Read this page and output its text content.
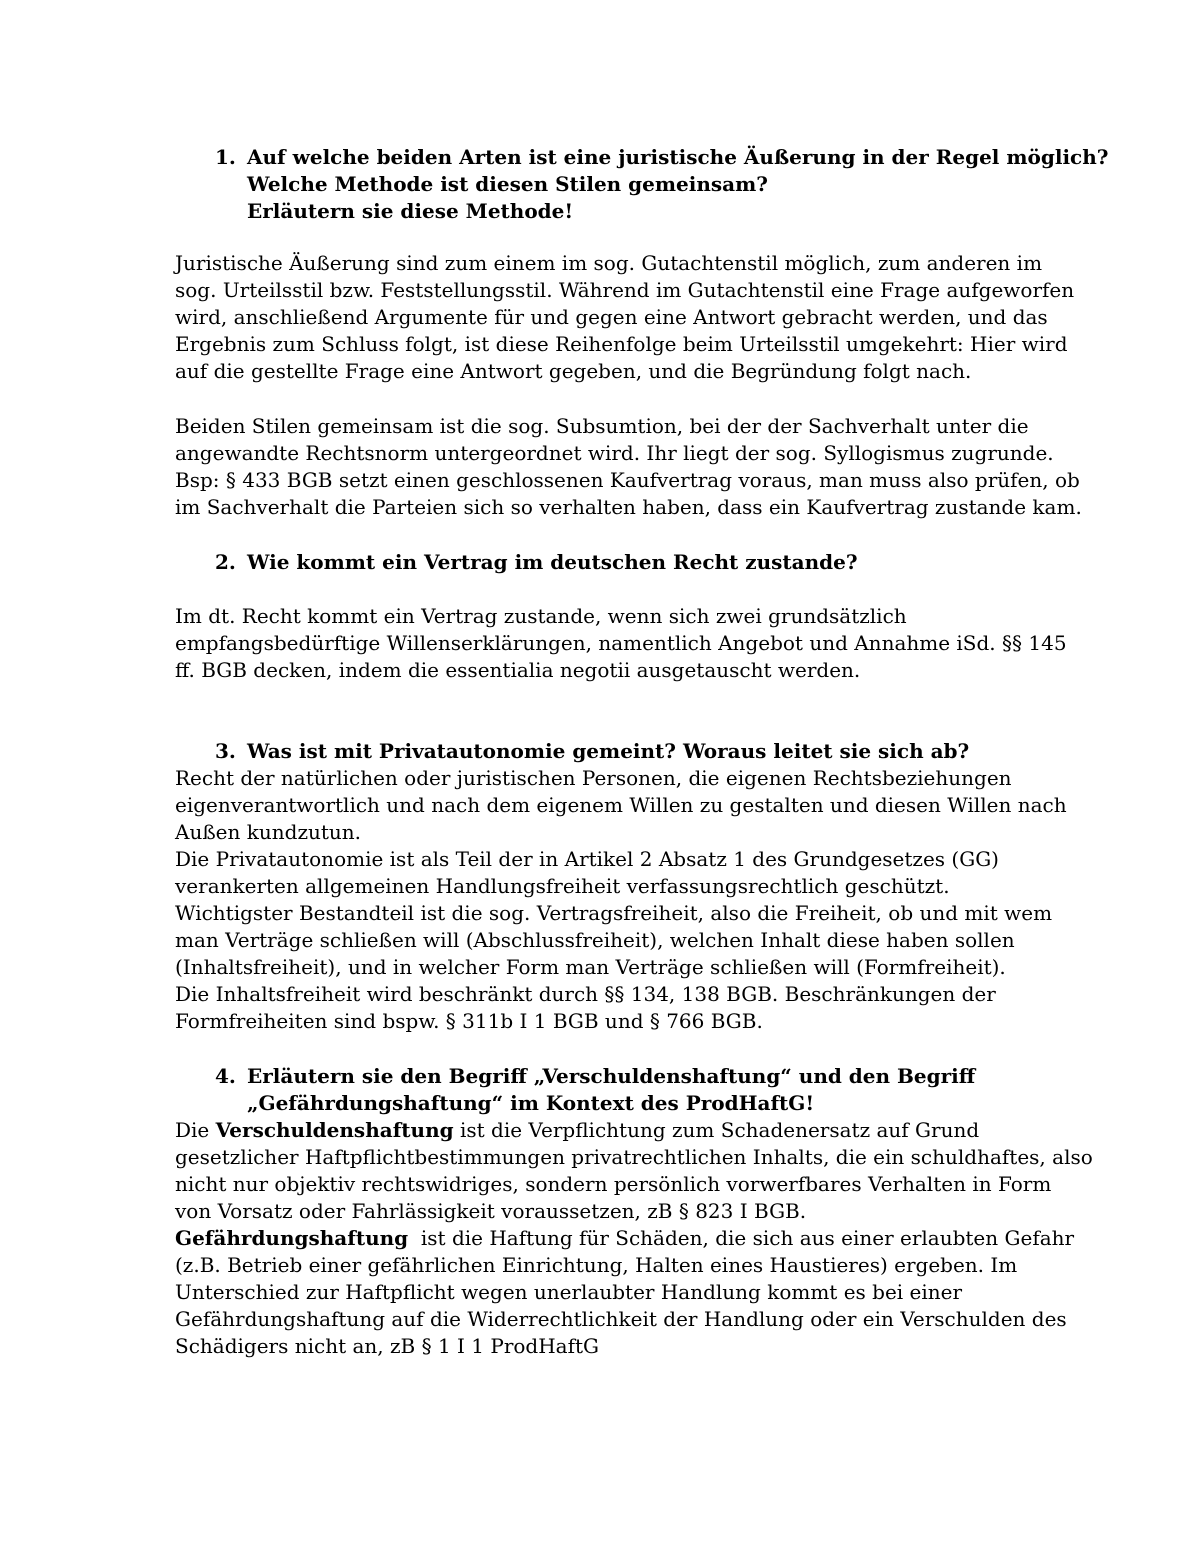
1. Auf welche beiden Arten ist eine juristische Äußerung in der Regel möglich?
Welche Methode ist diesen Stilen gemeinsam?
Erläutern sie diese Methode!
Juristische Äußerung sind zum einem im sog. Gutachtenstil möglich, zum anderen im
sog. Urteilsstil bzw. Feststellungsstil. Während im Gutachtenstil eine Frage aufgeworfen
wird, anschließend Argumente für und gegen eine Antwort gebracht werden, und das
Ergebnis zum Schluss folgt, ist diese Reihenfolge beim Urteilsstil umgekehrt: Hier wird
auf die gestellte Frage eine Antwort gegeben, und die Begründung folgt nach.
Beiden Stilen gemeinsam ist die sog. Subsumtion, bei der der Sachverhalt unter die
angewandte Rechtsnorm untergeordnet wird. Ihr liegt der sog. Syllogismus zugrunde.
Bsp: § 433 BGB setzt einen geschlossenen Kaufvertrag voraus, man muss also prüfen, ob
im Sachverhalt die Parteien sich so verhalten haben, dass ein Kaufvertrag zustande kam.
2. Wie kommt ein Vertrag im deutschen Recht zustande?
Im dt. Recht kommt ein Vertrag zustande, wenn sich zwei grundsätzlich
empfangsbedürftige Willenserklärungen, namentlich Angebot und Annahme iSd. §§ 145
ff. BGB decken, indem die essentialia negotii ausgetauscht werden.
3. Was ist mit Privatautonomie gemeint? Woraus leitet sie sich ab?
Recht der natürlichen oder juristischen Personen, die eigenen Rechtsbeziehungen
eigenverantwortlich und nach dem eigenem Willen zu gestalten und diesen Willen nach
Außen kundzutun.
Die Privatautonomie ist als Teil der in Artikel 2 Absatz 1 des Grundgesetzes (GG)
verankerten allgemeinen Handlungsfreiheit verfassungsrechtlich geschützt.
Wichtigster Bestandteil ist die sog. Vertragsfreiheit, also die Freiheit, ob und mit wem
man Verträge schließen will (Abschlussfreiheit), welchen Inhalt diese haben sollen
(Inhaltsfreiheit), und in welcher Form man Verträge schließen will (Formfreiheit).
Die Inhaltsfreiheit wird beschränkt durch §§ 134, 138 BGB. Beschränkungen der
Formfreiheiten sind bspw. § 311b I 1 BGB und § 766 BGB.
4. Erläutern sie den Begriff „Verschuldenshaftung“ und den Begriff
„Gefährdungshaftung“ im Kontext des ProdHaftG!
Die Verschuldenshaftung ist die Verpflichtung zum Schadenersatz auf Grund
gesetzlicher Haftpflichtbestimmungen privatrechtlichen Inhalts, die ein schuldhaftes, also
nicht nur objektiv rechtswidriges, sondern persönlich vorwerfbares Verhalten in Form
von Vorsatz oder Fahrlässigkeit voraussetzen, zB § 823 I BGB.
Gefährdungshaftung  ist die Haftung für Schäden, die sich aus einer erlaubten Gefahr
(z.B. Betrieb einer gefährlichen Einrichtung, Halten eines Haustieres) ergeben. Im
Unterschied zur Haftpflicht wegen unerlaubter Handlung kommt es bei einer
Gefährdungshaftung auf die Widerrechtlichkeit der Handlung oder ein Verschulden des
Schädigers nicht an, zB § 1 I 1 ProdHaftG
